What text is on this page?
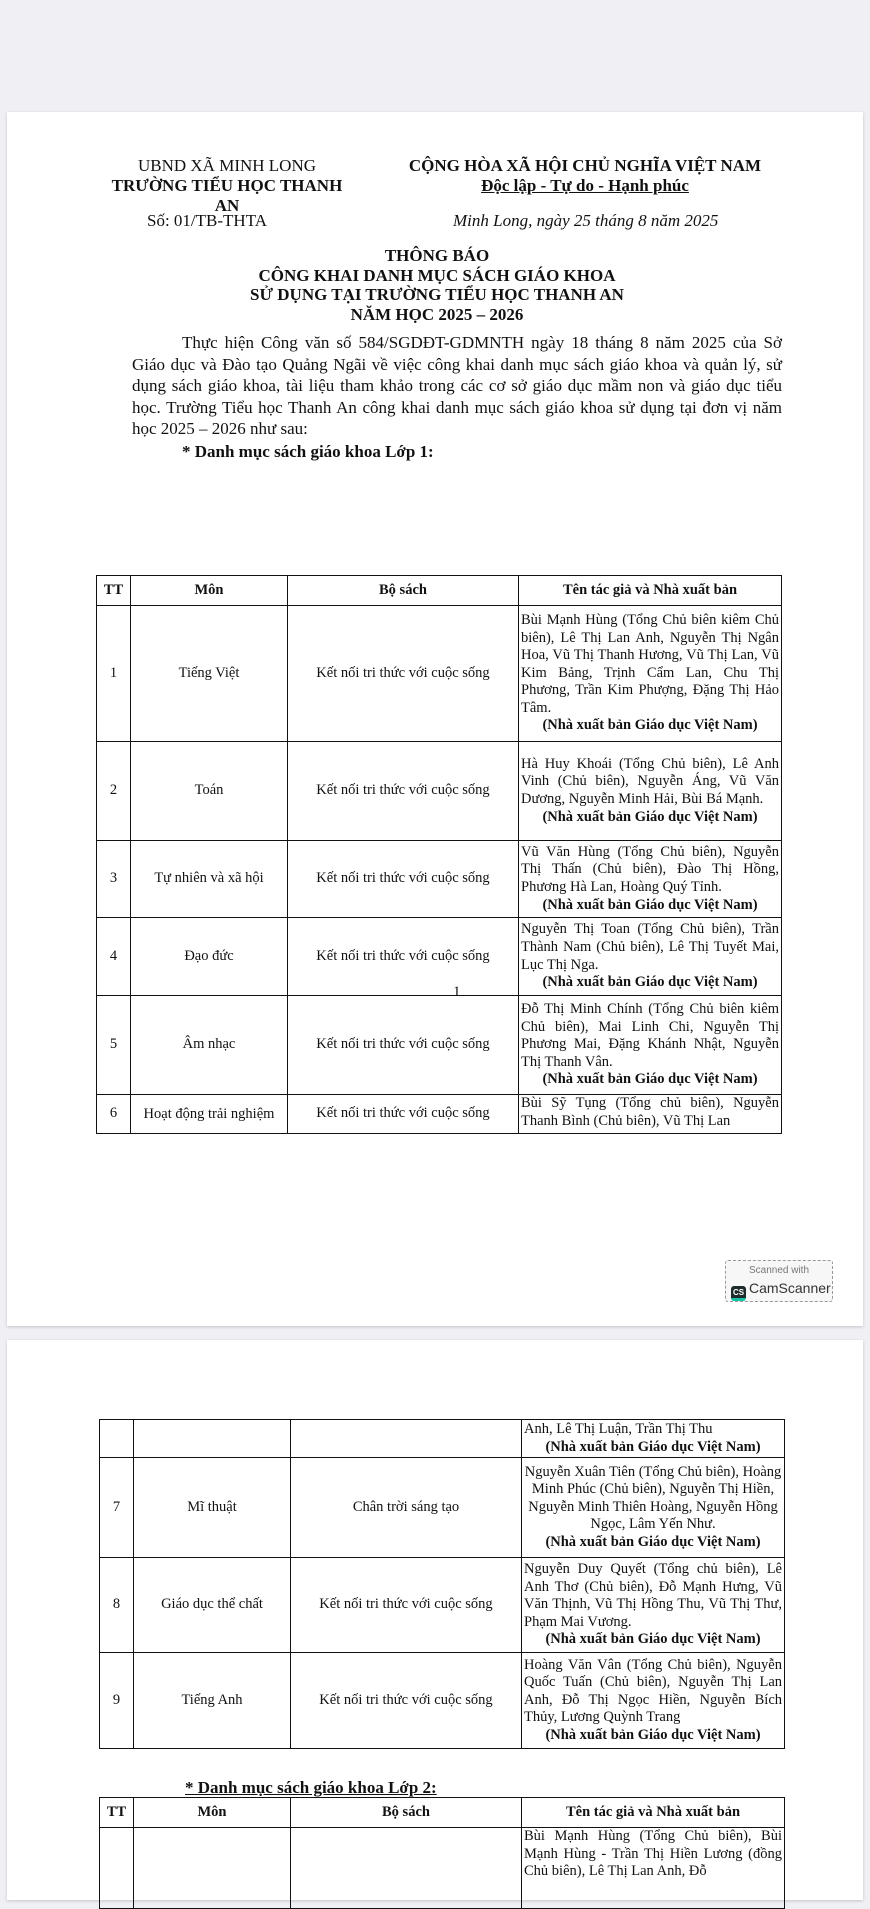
UBND XÃ MINH LONG
TRƯỜNG TIỂU HỌC THANH AN
CỘNG HÒA XÃ HỘI CHỦ NGHĨA VIỆT NAM
Độc lập - Tự do - Hạnh phúc
Số: 01/TB-THTA	Minh Long, ngày 25 tháng 8 năm 2025
THÔNG BÁO
CÔNG KHAI DANH MỤC SÁCH GIÁO KHOA
SỬ DỤNG TẠI TRƯỜNG TIỂU HỌC THANH AN
NĂM HỌC 2025 – 2026
Thực hiện Công văn số 584/SGDĐT-GDMNTH ngày 18 tháng 8 năm 2025 của Sở Giáo dục và Đào tạo Quảng Ngãi về việc công khai danh mục sách giáo khoa và quản lý, sử dụng sách giáo khoa, tài liệu tham khảo trong các cơ sở giáo dục mầm non và giáo dục tiểu học. Trường Tiểu học Thanh An công khai danh mục sách giáo khoa sử dụng tại đơn vị năm học 2025 – 2026 như sau:
* Danh mục sách giáo khoa Lớp 1:
TT	Môn	Bộ sách	Tên tác giả và Nhà xuất bản
1	Tiếng Việt	Kết nối tri thức với cuộc sống	Bùi Mạnh Hùng (Tổng Chủ biên kiêm Chủ biên), Lê Thị Lan Anh, Nguyễn Thị Ngân Hoa, Vũ Thị Thanh Hương, Vũ Thị Lan, Vũ Kim Bảng, Trịnh Cẩm Lan, Chu Thị Phương, Trần Kim Phượng, Đặng Thị Hảo Tâm.
(Nhà xuất bản Giáo dục Việt Nam)

2	Toán	Kết nối tri thức với cuộc sống	Hà Huy Khoái (Tổng Chủ biên), Lê Anh Vinh (Chủ biên), Nguyễn Áng, Vũ Văn Dương, Nguyễn Minh Hải, Bùi Bá Mạnh.
(Nhà xuất bản Giáo dục Việt Nam)

3	Tự nhiên và xã hội	Kết nối tri thức với cuộc sống	Vũ Văn Hùng (Tổng Chủ biên), Nguyễn Thị Thấn (Chủ biên), Đào Thị Hồng, Phương Hà Lan, Hoàng Quý Tỉnh.
(Nhà xuất bản Giáo dục Việt Nam)

4	Đạo đức	Kết nối tri thức với cuộc sống	Nguyễn Thị Toan (Tổng Chủ biên), Trần Thành Nam (Chủ biên), Lê Thị Tuyết Mai, Lục Thị Nga.
(Nhà xuất bản Giáo dục Việt Nam)

5	Âm nhạc	Kết nối tri thức với cuộc sống	Đỗ Thị Minh Chính (Tổng Chủ biên kiêm Chủ biên), Mai Linh Chi, Nguyễn Thị Phương Mai, Đặng Khánh Nhật, Nguyễn Thị Thanh Vân.
(Nhà xuất bản Giáo dục Việt Nam)

6	Hoạt động trải nghiệm	Kết nối tri thức với cuộc sống	Bùi Sỹ Tụng (Tổng chủ biên), Nguyễn Thanh Bình (Chủ biên), Vũ Thị Lan
1
Scanned with
CS CamScanner

			Anh, Lê Thị Luận, Trần Thị Thu
(Nhà xuất bản Giáo dục Việt Nam)

7	Mĩ thuật	Chân trời sáng tạo	Nguyễn Xuân Tiên (Tổng Chủ biên), Hoàng Minh Phúc (Chủ biên), Nguyễn Thị Hiền, Nguyễn Minh Thiên Hoàng, Nguyễn Hồng Ngọc, Lâm Yến Như.
(Nhà xuất bản Giáo dục Việt Nam)

8	Giáo dục thể chất	Kết nối tri thức với cuộc sống	Nguyễn Duy Quyết (Tổng chủ biên), Lê Anh Thơ (Chủ biên), Đỗ Mạnh Hưng, Vũ Văn Thịnh, Vũ Thị Hồng Thu, Vũ Thị Thư, Phạm Mai Vương.
(Nhà xuất bản Giáo dục Việt Nam)

9	Tiếng Anh	Kết nối tri thức với cuộc sống	Hoàng Văn Vân (Tổng Chủ biên), Nguyễn Quốc Tuấn (Chủ biên), Nguyễn Thị Lan Anh, Đỗ Thị Ngọc Hiền, Nguyễn Bích Thủy, Lương Quỳnh Trang
(Nhà xuất bản Giáo dục Việt Nam)
* Danh mục sách giáo khoa Lớp 2:
TT	Môn	Bộ sách	Tên tác giả và Nhà xuất bản

			Bùi Mạnh Hùng (Tổng Chủ biên), Bùi Mạnh Hùng - Trần Thị Hiền Lương (đồng Chủ biên), Lê Thị Lan Anh, Đỗ
